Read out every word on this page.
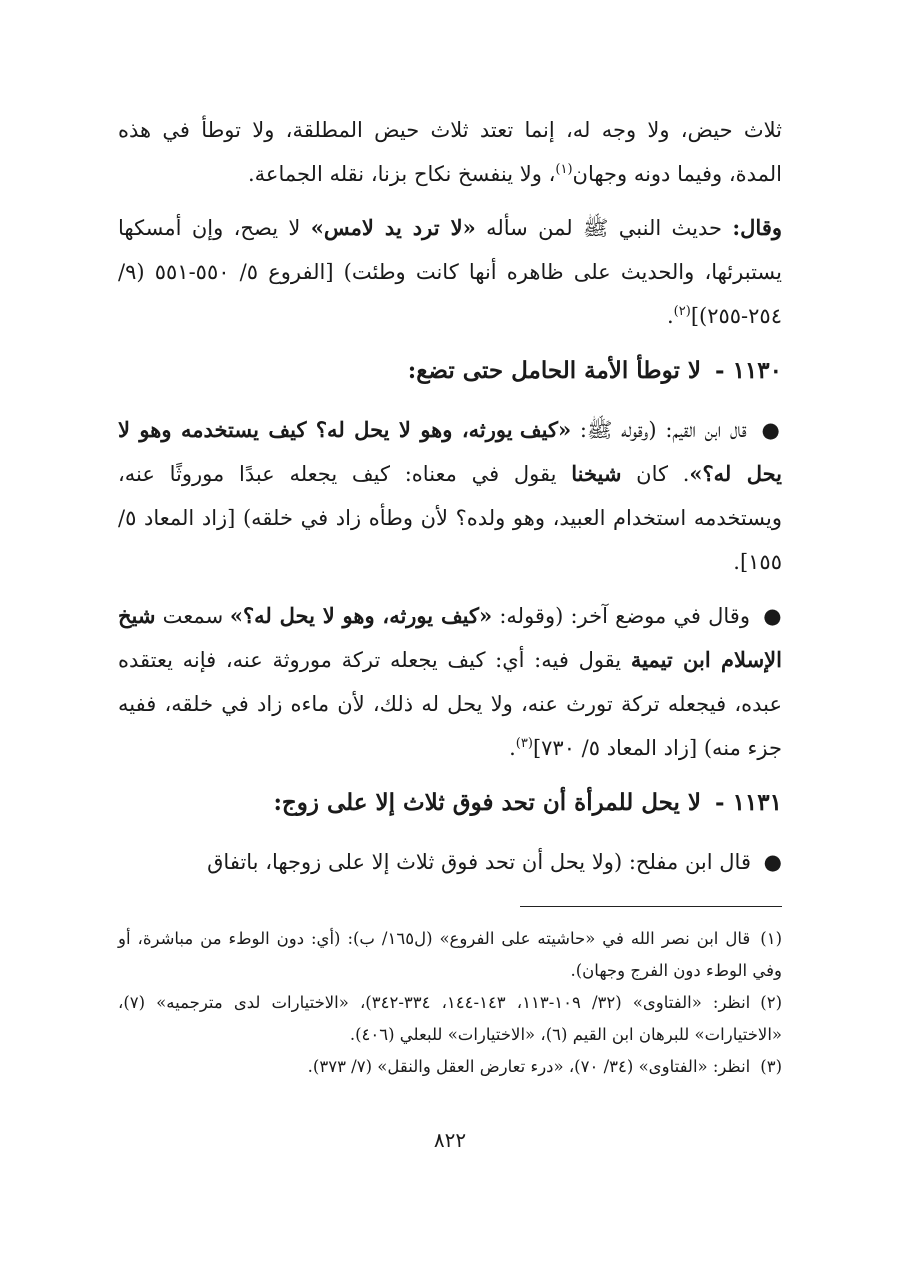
ثلاث حيض، ولا وجه له، إنما تعتد ثلاث حيض المطلقة، ولا توطأ في هذه المدة، وفيما دونه وجهان$^{(١)}$، ولا ينفسخ نكاح بزنا، نقله الجماعة.

وقال: حديث النبي ﷺ لمن سأله «لا ترد يد لامس» لا يصح، وإن أمسكها يستبرئها، والحديث على ظاهره أنها كانت وطئت) [الفروع ٥/ ٥٥٠-٥٥١ (٩/ ٢٥٤-٢٥٥)]$^{(٢)}$.

١١٣٠ -لا توطأ الأمة الحامل حتى تضع:

● قال ابن القيم: (وقوله ﷺ: «كيف يورثه، وهو لا يحل له؟ كيف يستخدمه وهو لا يحل له؟». كان شيخنا يقول في معناه: كيف يجعله عبدًا موروثًا عنه، ويستخدمه استخدام العبيد، وهو ولده؟ لأن وطأه زاد في خلقه) [زاد المعاد ٥/ ١٥٥].

● وقال في موضع آخر: (وقوله: «كيف يورثه، وهو لا يحل له؟» سمعت شيخ الإسلام ابن تيمية يقول فيه: أي: كيف يجعله تركة موروثة عنه، فإنه يعتقده عبده، فيجعله تركة تورث عنه، ولا يحل له ذلك، لأن ماءه زاد في خلقه، ففيه جزء منه) [زاد المعاد ٥/ ٧٣٠]$^{(٣)}$.

١١٣١ -لا يحل للمرأة أن تحد فوق ثلاث إلا على زوج:

● قال ابن مفلح: (ولا يحل أن تحد فوق ثلاث إلا على زوجها، باتفاق

(١)قال ابن نصر الله في «حاشيته على الفروع» (ل١٦٥/ ب): (أي: دون الوطء من مباشرة، أو وفي الوطء دون الفرج وجهان).

(٢)انظر: «الفتاوى» (٣٢/ ١٠٩-١١٣، ١٤٣-١٤٤، ٣٣٤-٣٤٢)، «الاختيارات لدى مترجميه» (٧)، «الاختيارات» للبرهان ابن القيم (٦)، «الاختيارات» للبعلي (٤٠٦).

(٣)انظر: «الفتاوى» (٣٤/ ٧٠)، «درء تعارض العقل والنقل» (٧/ ٣٧٣).

٨٢٢
